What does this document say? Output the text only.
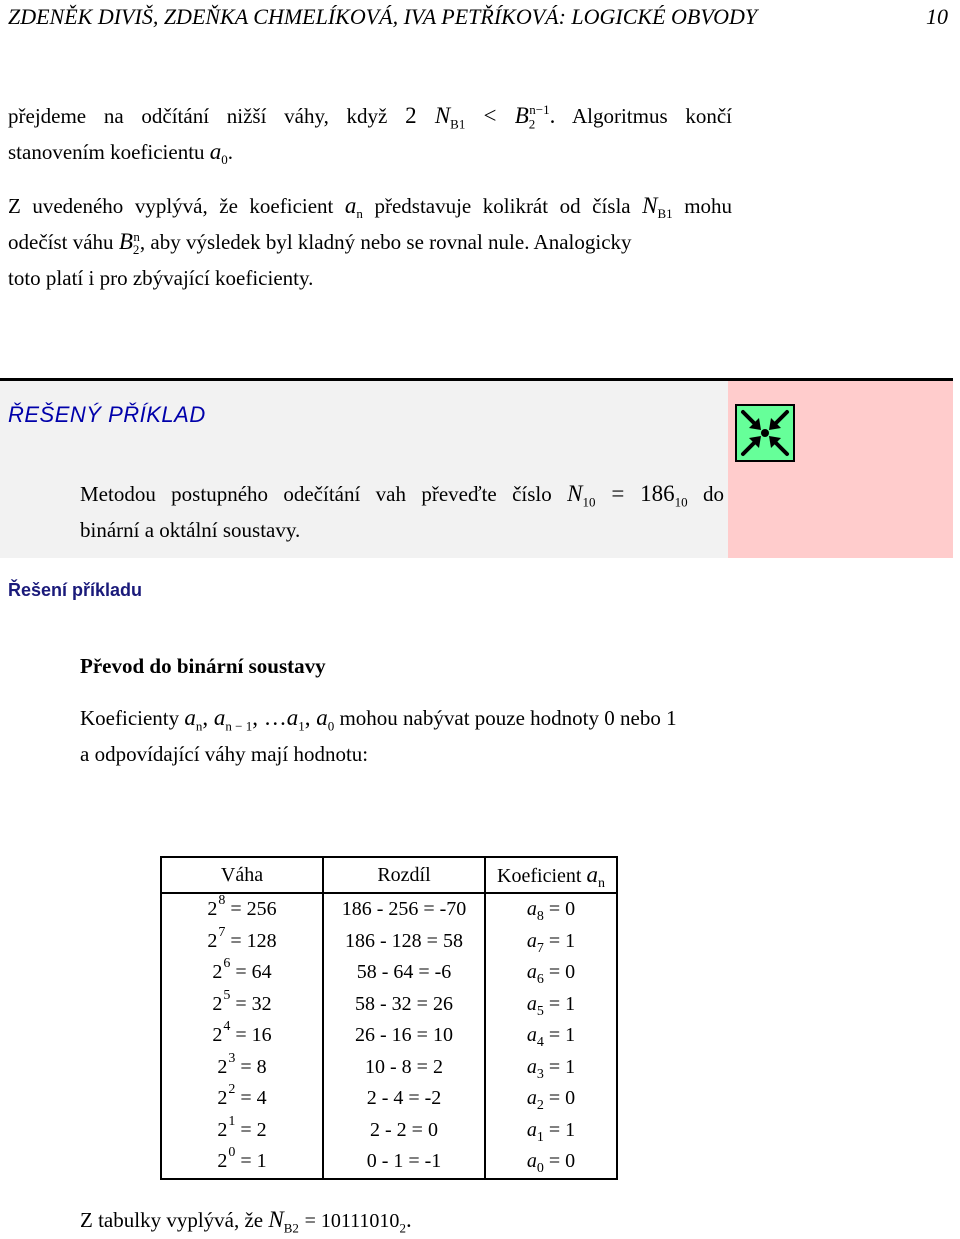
ZDENĚK DIVIŠ, ZDEŇKA CHMELÍKOVÁ, IVA PETŘÍKOVÁ: LOGICKÉ OBVODY	10
přejdeme na odčítání nižší váhy, když 2 $N_{B1} < B_2^{n-1}$. Algoritmus končí
stanovením koeficientu $a_0$.
Z uvedeného vyplývá, že koeficient $a_n$ představuje kolikrát od čísla $N_{B1}$ mohu
odečíst váhu $B_2^n$, aby výsledek byl kladný nebo se rovnal nule. Analogicky
toto platí i pro zbývající koeficienty.
ŘEŠENÝ PŘÍKLAD
Metodou postupného odečítání vah převeďte číslo $N_{10} = 186_{10}$ do
binární a oktální soustavy.
Řešení příkladu
Převod do binární soustavy
Koeficienty $a_n$, $a_{n - 1}$, $\dots a_1$, $a_0$ mohou nabývat pouze hodnoty 0 nebo 1
a odpovídající váhy mají hodnotu:
Váha	Rozdíl	Koeficient $a_n$
$2^8 = 256$	186 - 256 = -70	$a_8 = 0$
$2^7 = 128$	186 - 128 = 58	$a_7 = 1$
$2^6 = 64$	58 - 64 = -6	$a_6 = 0$
$2^5 = 32$	58 - 32 = 26	$a_5 = 1$
$2^4 = 16$	26 - 16 = 10	$a_4 = 1$
$2^3 = 8$	10 - 8 = 2	$a_3 = 1$
$2^2 = 4$	2 - 4 = -2	$a_2 = 0$
$2^1 = 2$	2 - 2 = 0	$a_1 = 1$
$2^0 = 1$	0 - 1 = -1	$a_0 = 0$
Z tabulky vyplývá, že $N_{B2} = 10111010_2$.
